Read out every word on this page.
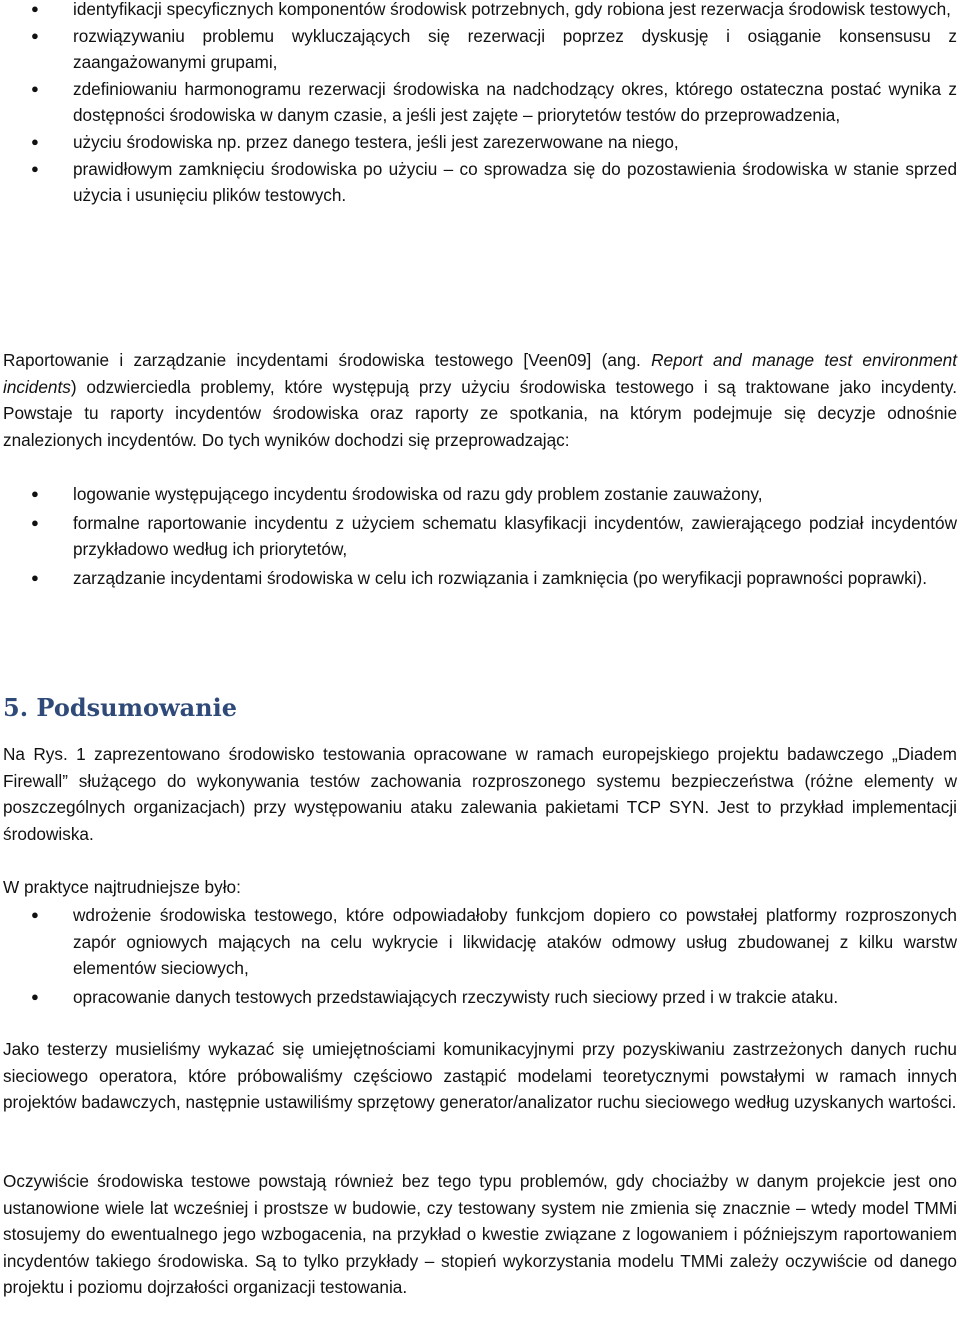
●	identyfikacji specyficznych komponentów środowisk potrzebnych, gdy robiona jest rezerwacja środowisk testowych,
●	rozwiązywaniu problemu wykluczających się rezerwacji poprzez dyskusję i osiąganie konsensusu z zaangażowanymi grupami,
●	zdefiniowaniu harmonogramu rezerwacji środowiska na nadchodzący okres, którego ostateczna postać wynika z dostępności środowiska w danym czasie, a jeśli jest zajęte – priorytetów testów do przeprowadzenia,
●	użyciu środowiska np. przez danego testera, jeśli jest zarezerwowane na niego,
●	prawidłowym zamknięciu środowiska po użyciu – co sprowadza się do pozostawienia środowiska w stanie sprzed użycia i usunięciu plików testowych.

Raportowanie i zarządzanie incydentami środowiska testowego [Veen09] (ang. Report and manage test environment incidents) odzwierciedla problemy, które występują przy użyciu środowiska testowego i są traktowane jako incydenty. Powstaje tu raporty incydentów środowiska oraz raporty ze spotkania, na którym podejmuje się decyzje odnośnie znalezionych incydentów. Do tych wyników dochodzi się przeprowadzając:

●	logowanie występującego incydentu środowiska od razu gdy problem zostanie zauważony,
●	formalne raportowanie incydentu z użyciem schematu klasyfikacji incydentów, zawierającego podział incydentów przykładowo według ich priorytetów,
●	zarządzanie incydentami środowiska w celu ich rozwiązania i zamknięcia (po weryfikacji poprawności poprawki).
5. Podsumowanie

Na Rys. 1 zaprezentowano środowisko testowania opracowane w ramach europejskiego projektu badawczego „Diadem Firewall” służącego do wykonywania testów zachowania rozproszonego systemu bezpieczeństwa (różne elementy w poszczególnych organizacjach) przy występowaniu ataku zalewania pakietami TCP SYN. Jest to przykład implementacji środowiska.

W praktyce najtrudniejsze było:

●	wdrożenie środowiska testowego, które odpowiadałoby funkcjom dopiero co powstałej platformy rozproszonych zapór ogniowych mających na celu wykrycie i likwidację ataków odmowy usług zbudowanej z kilku warstw elementów sieciowych,
●	opracowanie danych testowych przedstawiających rzeczywisty ruch sieciowy przed i w trakcie ataku.

Jako testerzy musieliśmy wykazać się umiejętnościami komunikacyjnymi przy pozyskiwaniu zastrzeżonych danych ruchu sieciowego operatora, które próbowaliśmy częściowo zastąpić modelami teoretycznymi powstałymi w ramach innych projektów badawczych, następnie ustawiliśmy sprzętowy generator/analizator ruchu sieciowego według uzyskanych wartości.

Oczywiście środowiska testowe powstają również bez tego typu problemów, gdy chociażby w danym projekcie jest ono ustanowione wiele lat wcześniej i prostsze w budowie, czy testowany system nie zmienia się znacznie – wtedy model TMMi stosujemy do ewentualnego jego wzbogacenia, na przykład o kwestie związane z logowaniem i późniejszym raportowaniem incydentów takiego środowiska. Są to tylko przykłady – stopień wykorzystania modelu TMMi zależy oczywiście od danego projektu i poziomu dojrzałości organizacji testowania.
